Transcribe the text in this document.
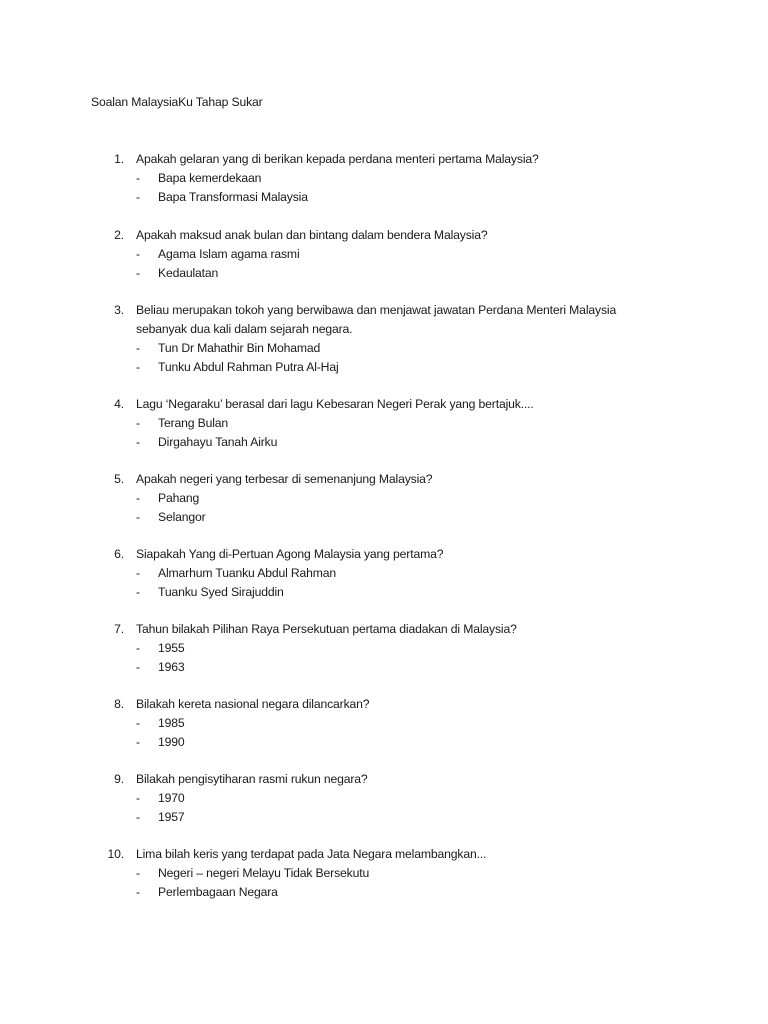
Soalan MalaysiaKu Tahap Sukar
1. Apakah gelaran yang di berikan kepada perdana menteri pertama Malaysia?
- Bapa kemerdekaan
- Bapa Transformasi Malaysia
2. Apakah maksud anak bulan dan bintang dalam bendera Malaysia?
- Agama Islam agama rasmi
- Kedaulatan
3. Beliau merupakan tokoh yang berwibawa dan menjawat jawatan Perdana Menteri Malaysia
sebanyak dua kali dalam sejarah negara.
- Tun Dr Mahathir Bin Mohamad
- Tunku Abdul Rahman Putra Al-Haj
4. Lagu ‘Negaraku’ berasal dari lagu Kebesaran Negeri Perak yang bertajuk....
- Terang Bulan
- Dirgahayu Tanah Airku
5. Apakah negeri yang terbesar di semenanjung Malaysia?
- Pahang
- Selangor
6. Siapakah Yang di-Pertuan Agong Malaysia yang pertama?
- Almarhum Tuanku Abdul Rahman
- Tuanku Syed Sirajuddin
7. Tahun bilakah Pilihan Raya Persekutuan pertama diadakan di Malaysia?
- 1955
- 1963
8. Bilakah kereta nasional negara dilancarkan?
- 1985
- 1990
9. Bilakah pengisytiharan rasmi rukun negara?
- 1970
- 1957
10. Lima bilah keris yang terdapat pada Jata Negara melambangkan...
- Negeri – negeri Melayu Tidak Bersekutu
- Perlembagaan Negara
